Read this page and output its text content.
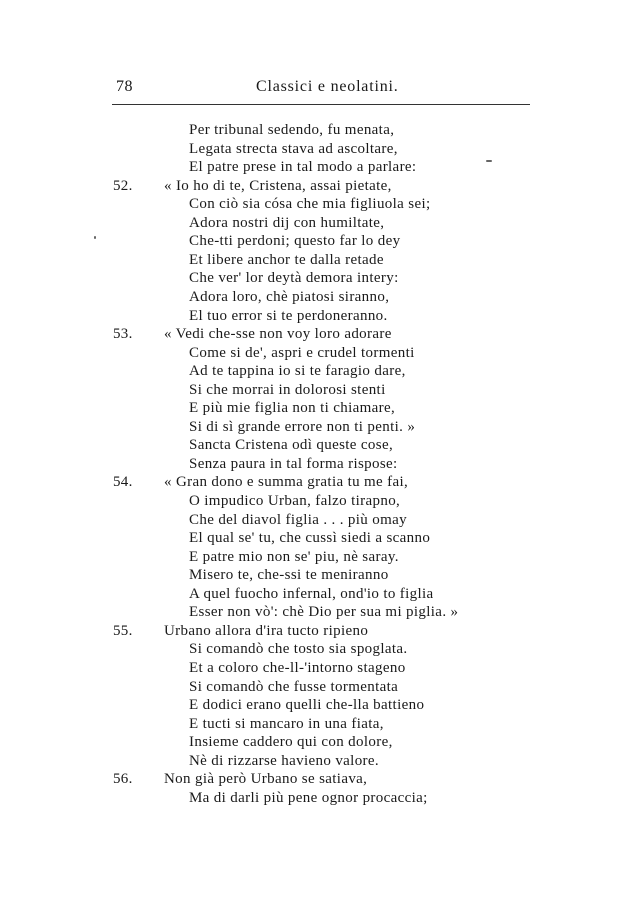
78	Classici e neolatini.
Per tribunal sedendo, fu menata,
Legata strecta stava ad ascoltare,
El patre prese in tal modo a parlare:
52. « Io ho di te, Cristena, assai pietate,
Con ciò sia cósa che mia figliuola sei;
Adora nostri dij con humiltate,
Che-tti perdoni; questo far lo dey
Et libere anchor te dalla retade
Che ver' lor deytà demora intery:
Adora loro, chè piatosi siranno,
El tuo error si te perdoneranno.
53. « Vedi che-sse non voy loro adorare
Come si de', aspri e crudel tormenti
Ad te tappina io si te faragio dare,
Si che morrai in dolorosi stenti
E più mie figlia non ti chiamare,
Si di sì grande errore non ti penti. »
Sancta Cristena odì queste cose,
Senza paura in tal forma rispose:
54. « Gran dono e summa gratia tu me fai,
O impudico Urban, falzo tirapno,
Che del diavol figlia . . . più omay
El qual se' tu, che cussì siedi a scanno
E patre mio non se' piu, nè saray.
Misero te, che-ssi te meniranno
A quel fuocho infernal, ond'io to figlia
Esser non vò': chè Dio per sua mi piglia. »
55. Urbano allora d'ira tucto ripieno
Si comandò che tosto sia spoglata.
Et a coloro che-ll-'intorno stageno
Si comandò che fusse tormentata
E dodici erano quelli che-lla battieno
E tucti si mancaro in una fiata,
Insieme caddero qui con dolore,
Nè di rizzarse havieno valore.
56. Non già però Urbano se satiava,
Ma di darli più pene ognor procaccia;
